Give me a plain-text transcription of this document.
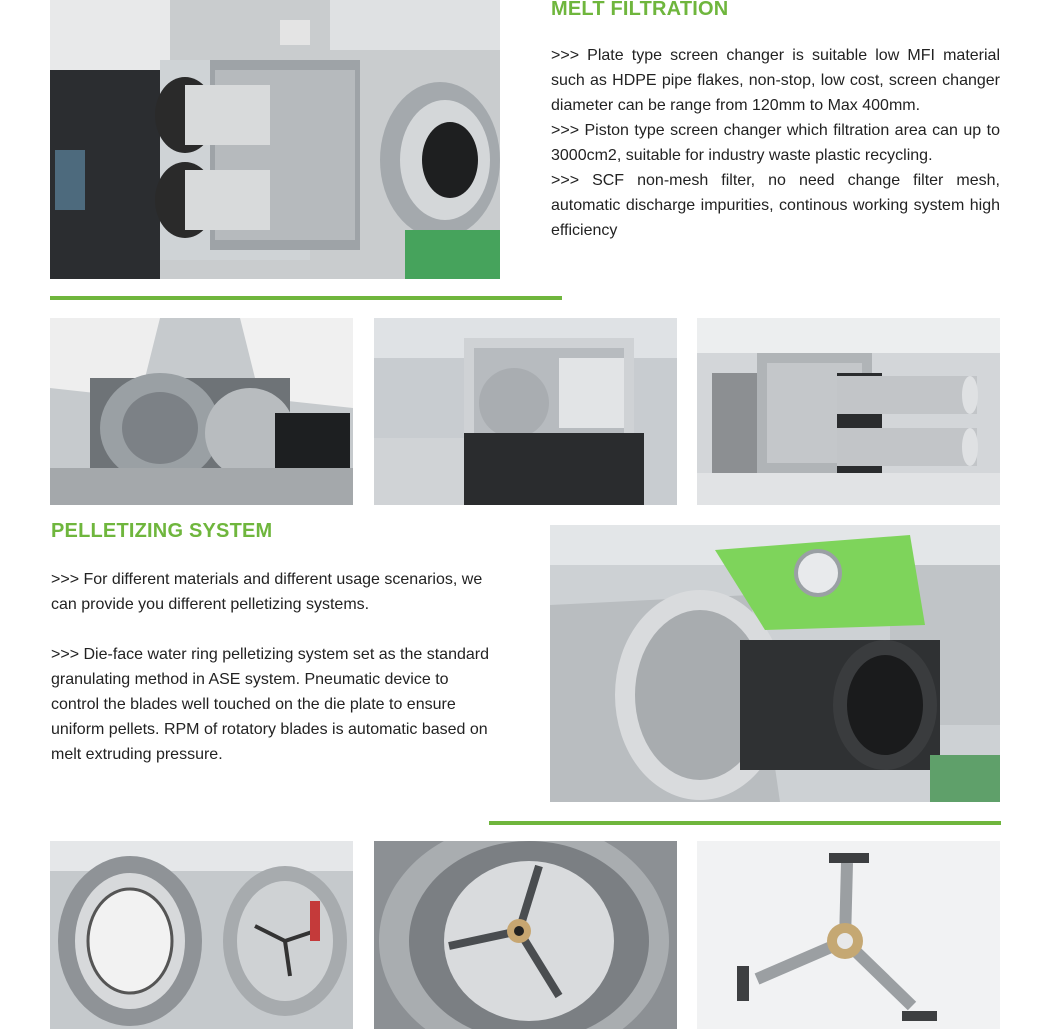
MELT FILTRATION
>>> Plate type screen changer is suitable low MFI material such as HDPE pipe flakes, non-stop, low cost, screen changer diameter can be range from 120mm to Max 400mm.
>>> Piston type screen changer which filtration area can up to 3000cm2, suitable for industry waste plastic recycling.
>>> SCF non-mesh filter, no need change filter mesh, automatic discharge impurities, continous working system high efficiency
PELLETIZING SYSTEM
>>> For different materials and different usage scenarios, we can provide you different pelletizing systems.
>>> Die-face water ring pelletizing system set as the standard granulating method in ASE system. Pneumatic device to control the blades well touched on the die plate to ensure uniform pellets. RPM of rotatory blades is automatic based on melt extruding pressure.
